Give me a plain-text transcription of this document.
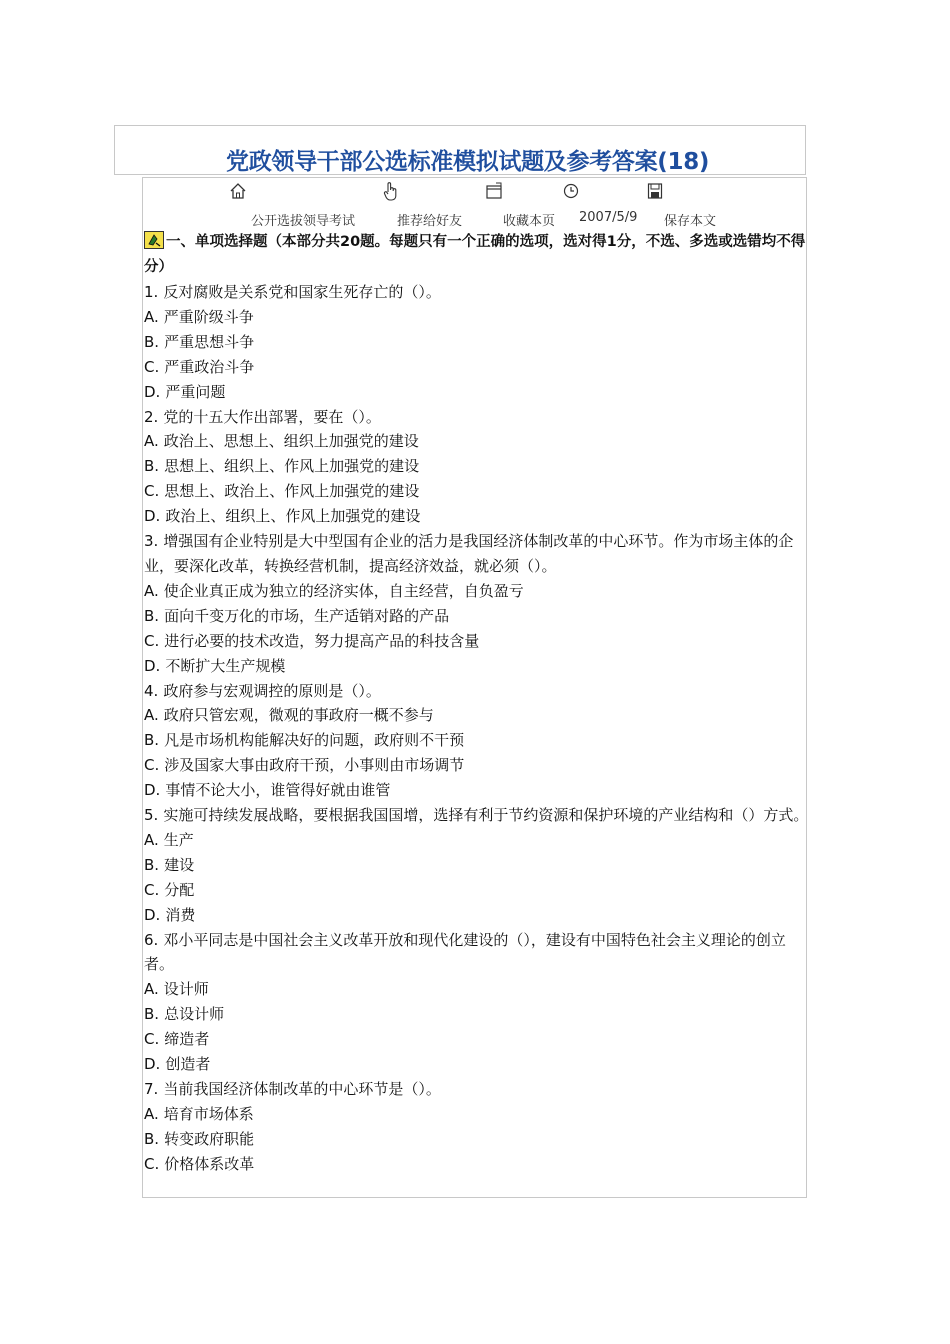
党政领导干部公选标准模拟试题及参考答案(18)
公开选拔领导考试	推荐给好友	收藏本页 2007/5/9 保存本文
一、单项选择题（本部分共20题。每题只有一个正确的选项，选对得1分，不选、多选或选错均不得分）
1. 反对腐败是关系党和国家生死存亡的（）。
A. 严重阶级斗争
B. 严重思想斗争
C. 严重政治斗争
D. 严重问题
2. 党的十五大作出部署，要在（）。
A. 政治上、思想上、组织上加强党的建设
B. 思想上、组织上、作风上加强党的建设
C. 思想上、政治上、作风上加强党的建设
D. 政治上、组织上、作风上加强党的建设
3. 增强国有企业特别是大中型国有企业的活力是我国经济体制改革的中心环节。作为市场主体的企业，要深化改革，转换经营机制，提高经济效益，就必须（）。
A. 使企业真正成为独立的经济实体，自主经营，自负盈亏
B. 面向千变万化的市场，生产适销对路的产品
C. 进行必要的技术改造，努力提高产品的科技含量
D. 不断扩大生产规模
4. 政府参与宏观调控的原则是（）。
A. 政府只管宏观，微观的事政府一概不参与
B. 凡是市场机构能解决好的问题，政府则不干预
C. 涉及国家大事由政府干预，小事则由市场调节
D. 事情不论大小，谁管得好就由谁管
5. 实施可持续发展战略，要根据我国国增，选择有利于节约资源和保护环境的产业结构和（）方式。
A. 生产
B. 建设
C. 分配
D. 消费
6. 邓小平同志是中国社会主义改革开放和现代化建设的（），建设有中国特色社会主义理论的创立者。
A. 设计师
B. 总设计师
C. 缔造者
D. 创造者
7. 当前我国经济体制改革的中心环节是（）。
A. 培育市场体系
B. 转变政府职能
C. 价格体系改革
